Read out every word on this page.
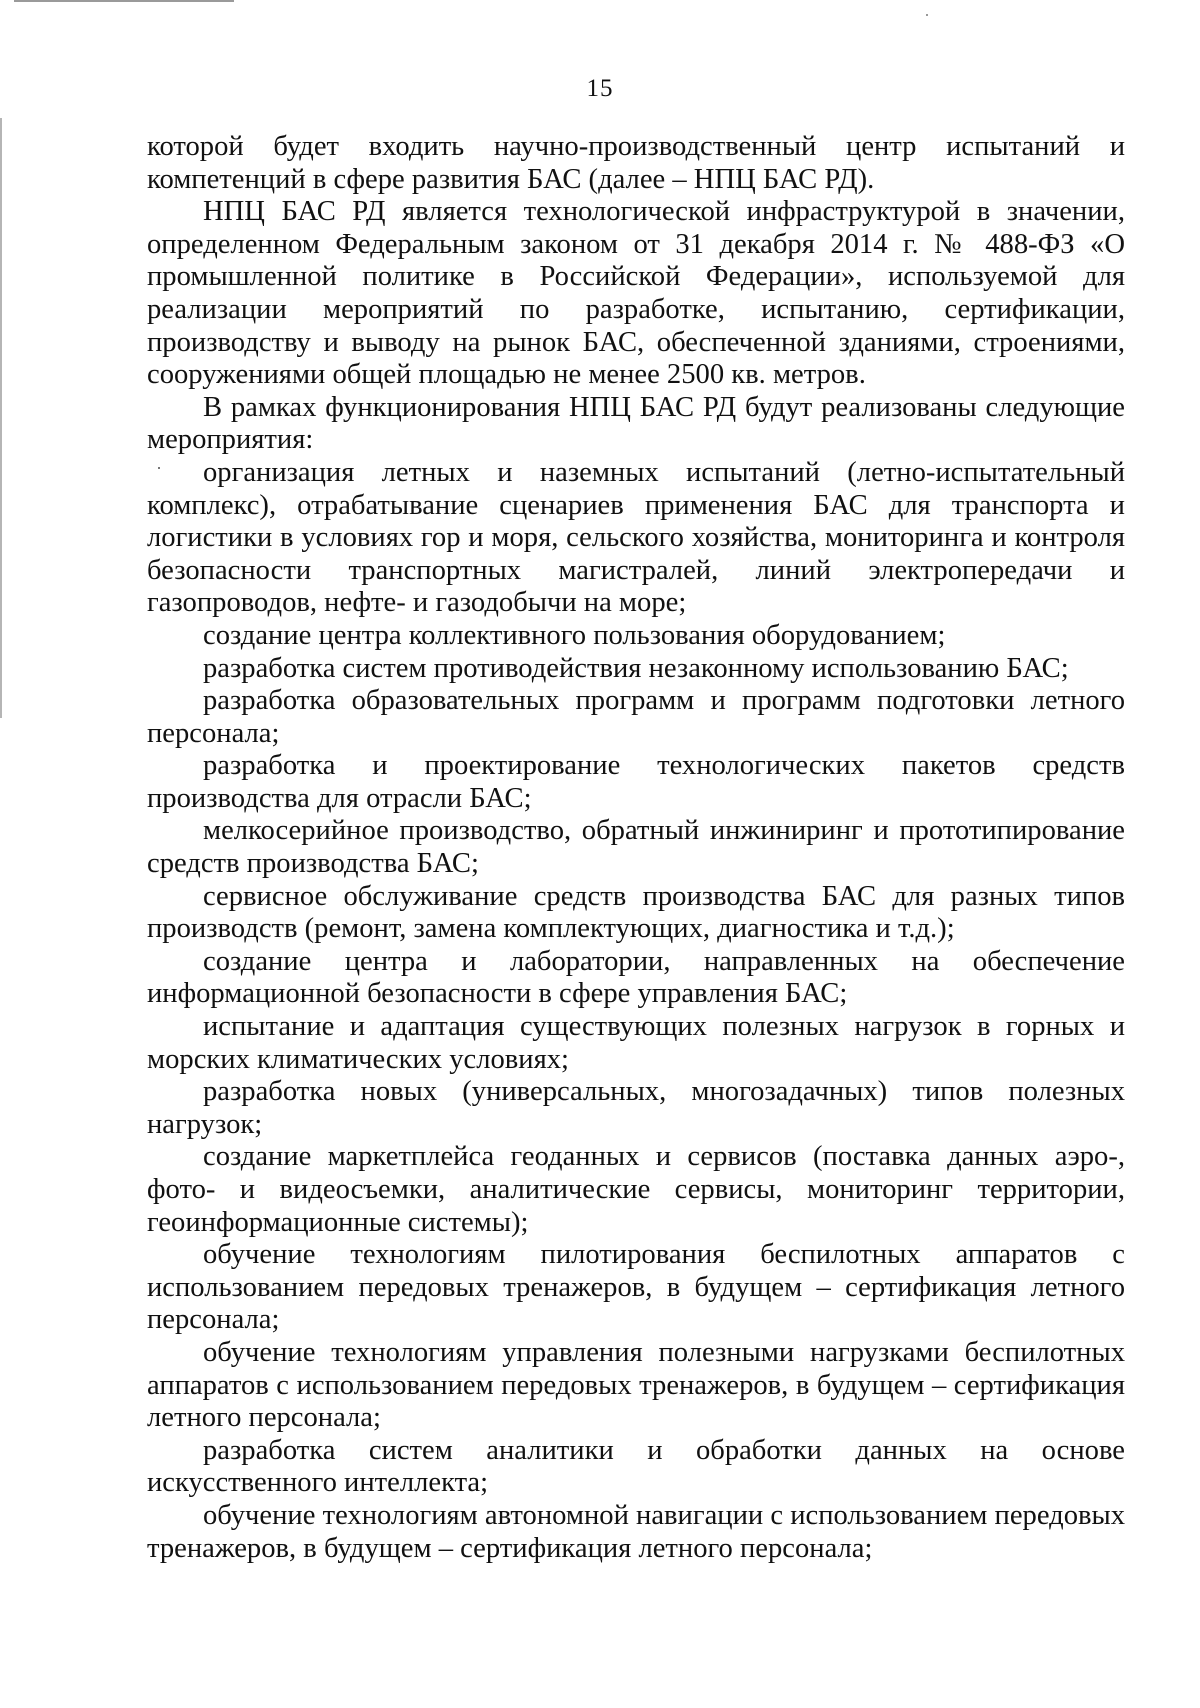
15

которой будет входить научно-производственный центр испытаний и компетенций в сфере развития БАС (далее – НПЦ БАС РД).

НПЦ БАС РД является технологической инфраструктурой в значении, определенном Федеральным законом от 31 декабря 2014 г. № 488-ФЗ «О промышленной политике в Российской Федерации», используемой для реализации мероприятий по разработке, испытанию, сертификации, производству и выводу на рынок БАС, обеспеченной зданиями, строениями, сооружениями общей площадью не менее 2500 кв. метров.

В рамках функционирования НПЦ БАС РД будут реализованы следующие мероприятия:

организация летных и наземных испытаний (летно-испытательный комплекс), отрабатывание сценариев применения БАС для транспорта и логистики в условиях гор и моря, сельского хозяйства, мониторинга и контроля безопасности транспортных магистралей, линий электропередачи и газопроводов, нефте- и газодобычи на море;

создание центра коллективного пользования оборудованием;

разработка систем противодействия незаконному использованию БАС;

разработка образовательных программ и программ подготовки летного персонала;

разработка и проектирование технологических пакетов средств производства для отрасли БАС;

мелкосерийное производство, обратный инжиниринг и прототипирование средств производства БАС;

сервисное обслуживание средств производства БАС для разных типов производств (ремонт, замена комплектующих, диагностика и т.д.);

создание центра и лаборатории, направленных на обеспечение информационной безопасности в сфере управления БАС;

испытание и адаптация существующих полезных нагрузок в горных и морских климатических условиях;

разработка новых (универсальных, многозадачных) типов полезных нагрузок;

создание маркетплейса геоданных и сервисов (поставка данных аэро-, фото- и видеосъемки, аналитические сервисы, мониторинг территории, геоинформационные системы);

обучение технологиям пилотирования беспилотных аппаратов с использованием передовых тренажеров, в будущем – сертификация летного персонала;

обучение технологиям управления полезными нагрузками беспилотных аппаратов с использованием передовых тренажеров, в будущем – сертификация летного персонала;

разработка систем аналитики и обработки данных на основе искусственного интеллекта;

обучение технологиям автономной навигации с использованием передовых тренажеров, в будущем – сертификация летного персонала;
